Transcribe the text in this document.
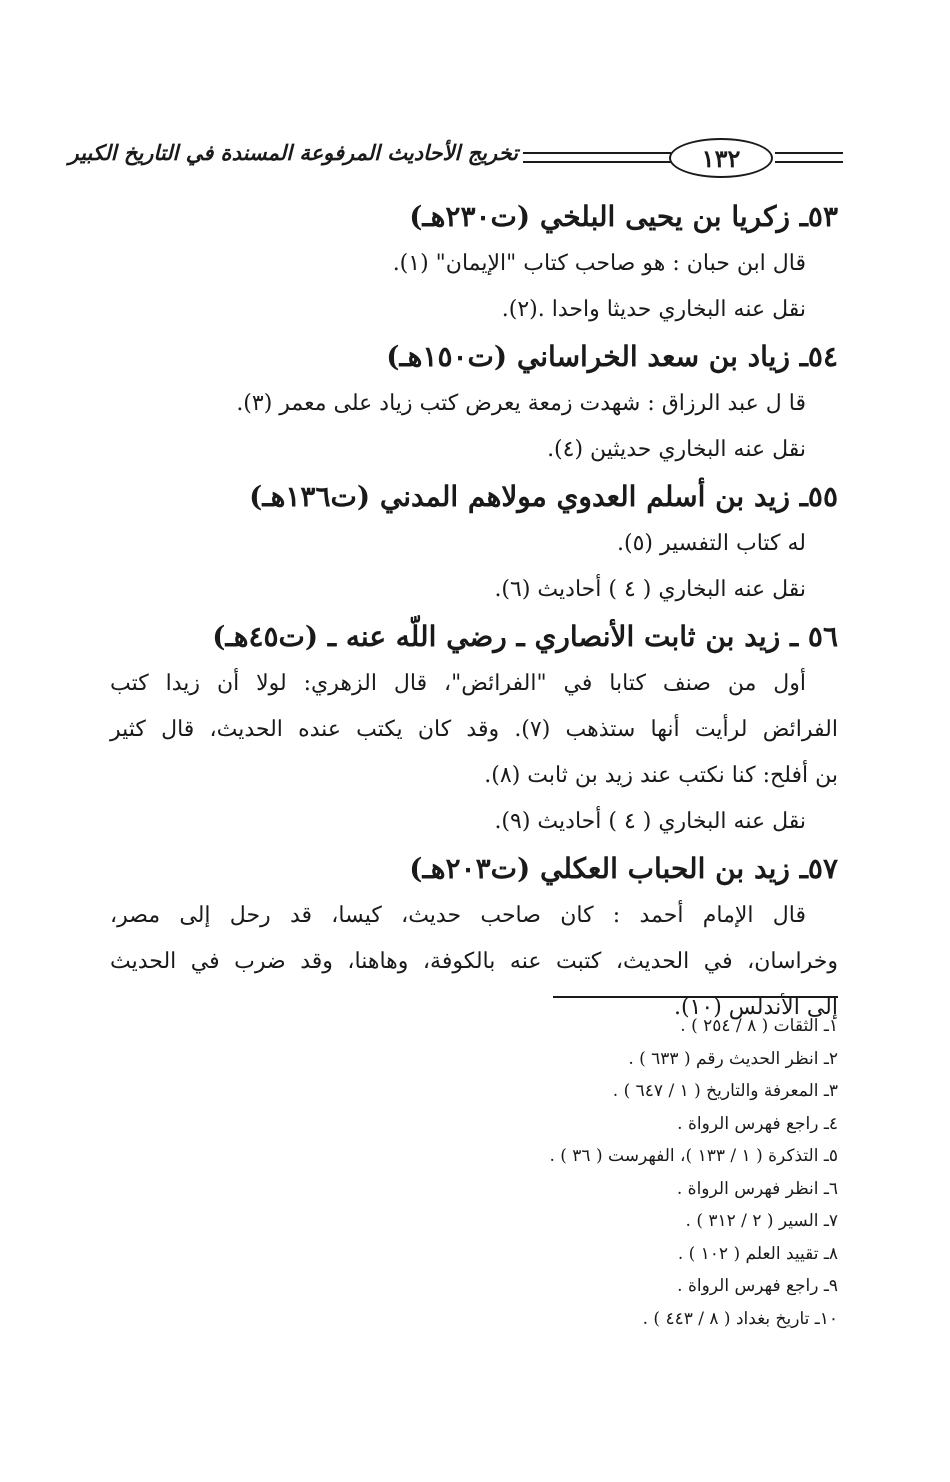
١٣٢
تخريج الأحاديث المرفوعة المسندة في التاريخ الكبير
٥٣ـ زكريا بن يحيى البلخي (ت٢٣٠هـ)
قال ابن حبان : هو صاحب كتاب "الإيمان" (١).
نقل عنه البخاري حديثا واحدا .(٢).
٥٤ـ زياد بن سعد الخراساني (ت١٥٠هـ)
قا ل عبد الرزاق : شهدت زمعة يعرض كتب زياد على معمر (٣).
نقل عنه البخاري حديثين (٤).
٥٥ـ زيد بن أسلم العدوي مولاهم المدني (ت١٣٦هـ)
له كتاب التفسير (٥).
نقل عنه البخاري ( ٤ ) أحاديث (٦).
٥٦ ـ زيد بن ثابت الأنصاري ـ رضي اللّه عنه ـ (ت٤٥هـ)
أول من صنف كتابا في "الفرائض"، قال الزهري: لولا أن زيدا كتب
الفرائض لرأيت أنها ستذهب (٧). وقد كان يكتب عنده الحديث، قال كثير
بن أفلح: كنا نكتب عند زيد بن ثابت (٨).
نقل عنه البخاري ( ٤ ) أحاديث (٩).
٥٧ـ زيد بن الحباب العكلي (ت٢٠٣هـ)
قال الإمام أحمد : كان صاحب حديث، كيسا، قد رحل إلى مصر،
وخراسان، في الحديث، كتبت عنه بالكوفة، وهاهنا، وقد ضرب في الحديث
إلى الأندلس (١٠).
١ـ الثقات ( ٨ / ٢٥٤ ) .
٢ـ انظر الحديث رقم ( ٦٣٣ ) .
٣ـ المعرفة والتاريخ ( ١ / ٦٤٧ ) .
٤ـ راجع فهرس الرواة .
٥ـ التذكرة ( ١ / ١٣٣ )، الفهرست ( ٣٦ ) .
٦ـ انظر فهرس الرواة .
٧ـ السير ( ٢ / ٣١٢ ) .
٨ـ تقييد العلم ( ١٠٢ ) .
٩ـ راجع فهرس الرواة .
١٠ـ تاريخ بغداد ( ٨ / ٤٤٣ ) .
